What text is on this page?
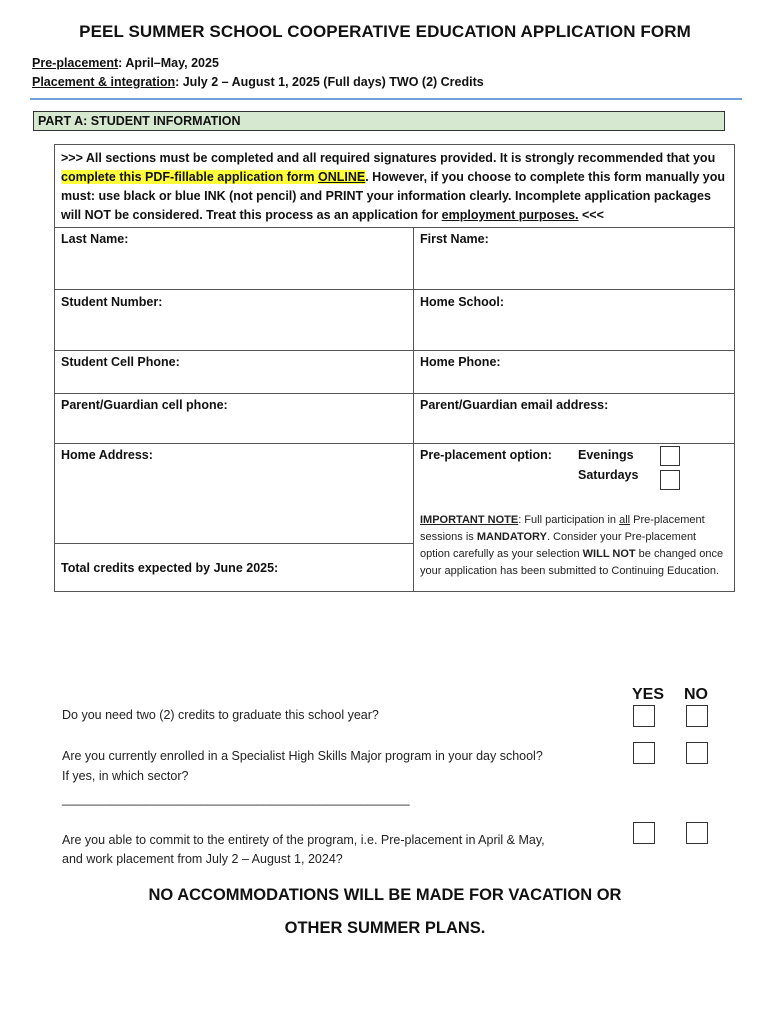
PEEL SUMMER SCHOOL COOPERATIVE EDUCATION APPLICATION FORM
Pre-placement: April–May, 2025
Placement & integration: July 2 – August 1, 2025 (Full days) TWO (2) Credits
PART A: STUDENT INFORMATION
>>> All sections must be completed and all required signatures provided. It is strongly recommended that you complete this PDF-fillable application form ONLINE. However, if you choose to complete this form manually you must: use black or blue INK (not pencil) and PRINT your information clearly. Incomplete application packages will NOT be considered. Treat this process as an application for employment purposes. <<<	
Last Name:	First Name:
Student Number:	Home School:
Student Cell Phone:	Home Phone:
Parent/Guardian cell phone:	Parent/Guardian email address:
Home Address:	Pre-placement option: Evenings
Saturdays
IMPORTANT NOTE: Full participation in all Pre-placement sessions is MANDATORY. Consider your Pre-placement option carefully as your selection WILL NOT be changed once your application has been submitted to Continuing Education.

Total credits expected by June 2025:	
YES NO
Do you need two (2) credits to graduate this school year?
Are you currently enrolled in a Specialist High Skills Major program in your day school?
If yes, in which sector?
__________________________________________________
Are you able to commit to the entirety of the program, i.e. Pre-placement in April & May,
and work placement from July 2 – August 1, 2024?
NO ACCOMMODATIONS WILL BE MADE FOR VACATION OR
OTHER SUMMER PLANS.
